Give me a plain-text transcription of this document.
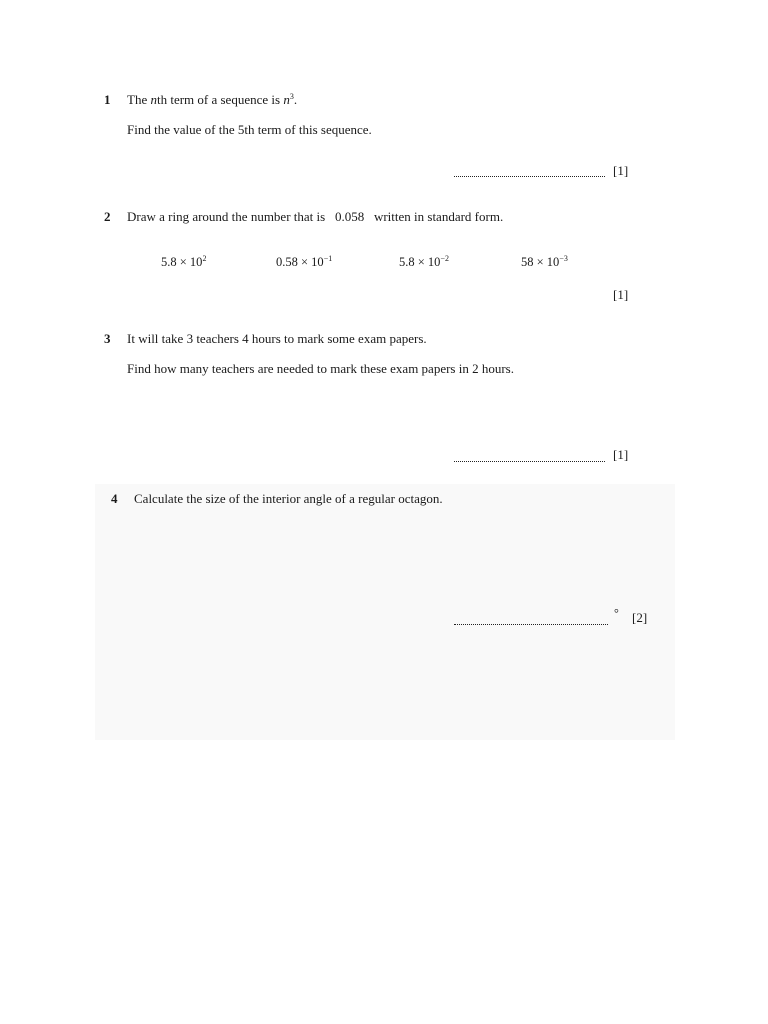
1 The nth term of a sequence is $n^3$.
Find the value of the 5th term of this sequence.
[1]
2 Draw a ring around the number that is 0.058 written in standard form.
$5.8 \times 10^2$	$0.58 \times 10^{-1}$	$5.8 \times 10^{-2}$	$58 \times 10^{-3}$
[1]
3 It will take 3 teachers 4 hours to mark some exam papers.
Find how many teachers are needed to mark these exam papers in 2 hours.
[1]
4 Calculate the size of the interior angle of a regular octagon.
° [2]
